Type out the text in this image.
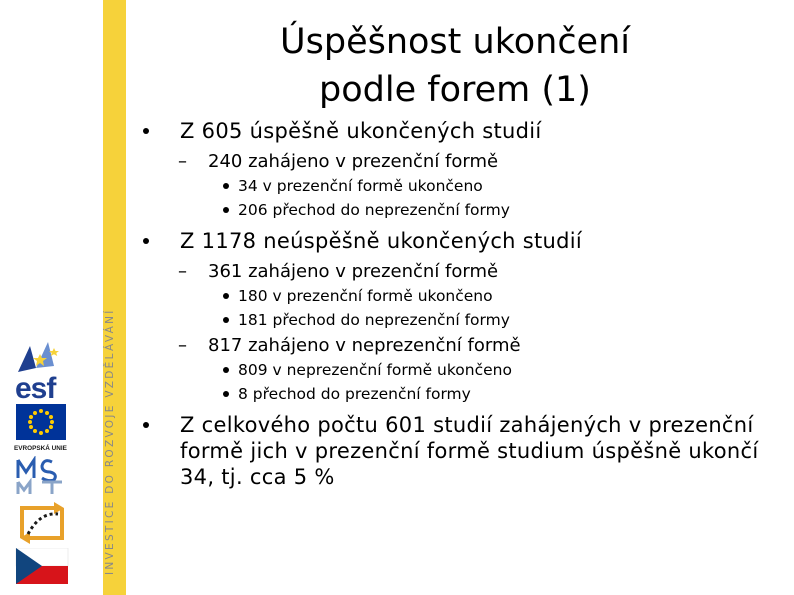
INVESTICE DO ROZVOJE VZDĚLÁVÁNÍ
esf
EVROPSKÁ UNIE
MŠMT
Úspěšnost ukončení
podle forem (1)
Z 605 úspěšně ukončených studií
– 240 zahájeno v prezenční formě
34 v prezenční formě ukončeno
206 přechod do neprezenční formy
Z 1178 neúspěšně ukončených studií
– 361 zahájeno v prezenční formě
180 v prezenční formě ukončeno
181 přechod do neprezenční formy
– 817 zahájeno v neprezenční formě
809 v neprezenční formě ukončeno
8 přechod do prezenční formy
Z celkového počtu 601 studií zahájených v prezenční formě jich v prezenční formě studium úspěšně ukončí 34, tj. cca 5 %
